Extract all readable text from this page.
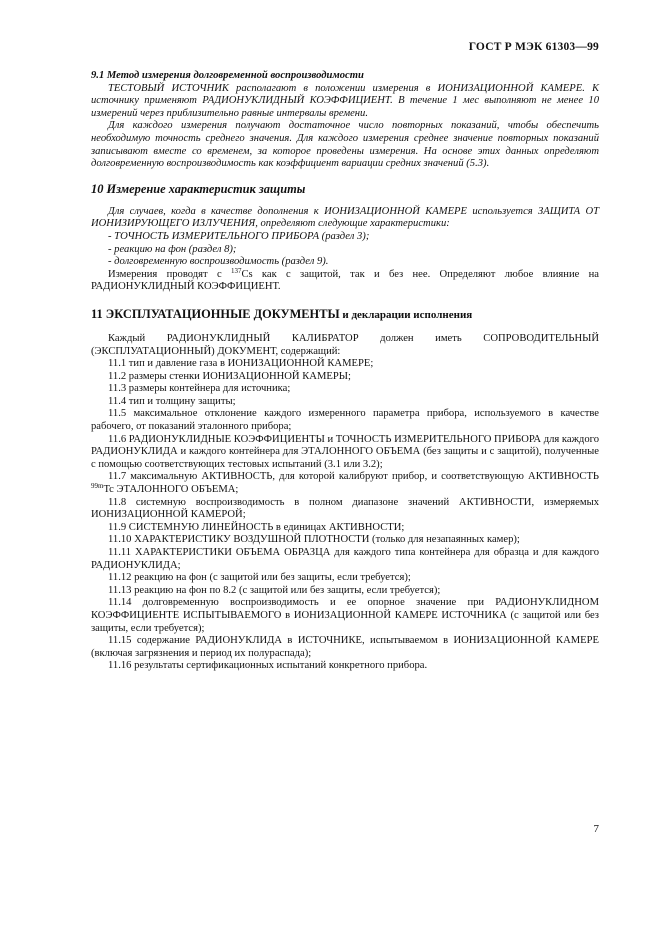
ГОСТ Р МЭК 61303—99

9.1 Метод измерения долговременной воспроизводимости

ТЕСТОВЫЙ ИСТОЧНИК располагают в положении измерения в ИОНИЗАЦИОННОЙ КАМЕРЕ. К источнику применяют РАДИОНУКЛИДНЫЙ КОЭФФИЦИЕНТ. В течение 1 мес выполняют не менее 10 измерений через приблизительно равные интервалы времени.

Для каждого измерения получают достаточное число повторных показаний, чтобы обеспечить необходимую точность среднего значения. Для каждого измерения среднее значение повторных показаний записывают вместе со временем, за которое проведены измерения. На основе этих данных определяют долговременную воспроизводимость как коэффициент вариации средних значений (5.3).

10 Измерение характеристик защиты

Для случаев, когда в качестве дополнения к ИОНИЗАЦИОННОЙ КАМЕРЕ используется ЗАЩИТА ОТ ИОНИЗИРУЮЩЕГО ИЗЛУЧЕНИЯ, определяют следующие характеристики:

- ТОЧНОСТЬ ИЗМЕРИТЕЛЬНОГО ПРИБОРА (раздел 3);

- реакцию на фон (раздел 8);

- долговременную воспроизводимость (раздел 9).

Измерения проводят с $^{137}$Cs как с защитой, так и без нее. Определяют любое влияние на РАДИОНУКЛИДНЫЙ КОЭФФИЦИЕНТ.

11 ЭКСПЛУАТАЦИОННЫЕ ДОКУМЕНТЫ и декларации исполнения

Каждый РАДИОНУКЛИДНЫЙ КАЛИБРАТОР должен иметь СОПРОВОДИТЕЛЬНЫЙ (ЭКСПЛУАТАЦИОННЫЙ) ДОКУМЕНТ, содержащий:

11.1 тип и давление газа в ИОНИЗАЦИОННОЙ КАМЕРЕ;

11.2 размеры стенки ИОНИЗАЦИОННОЙ КАМЕРЫ;

11.3 размеры контейнера для источника;

11.4 тип и толщину защиты;

11.5 максимальное отклонение каждого измеренного параметра прибора, используемого в качестве рабочего, от показаний эталонного прибора;

11.6 РАДИОНУКЛИДНЫЕ КОЭФФИЦИЕНТЫ и ТОЧНОСТЬ ИЗМЕРИТЕЛЬНОГО ПРИБОРА для каждого РАДИОНУКЛИДА и каждого контейнера для ЭТАЛОННОГО ОБЪЕМА (без защиты и с защитой), полученные с помощью соответствующих тестовых испытаний (3.1 или 3.2);

11.7 максимальную АКТИВНОСТЬ, для которой калибруют прибор, и соответствующую АКТИВНОСТЬ $^{99m}$Tc ЭТАЛОННОГО ОБЪЕМА;

11.8 системную воспроизводимость в полном диапазоне значений АКТИВНОСТИ, измеряемых ИОНИЗАЦИОННОЙ КАМЕРОЙ;

11.9 СИСТЕМНУЮ ЛИНЕЙНОСТЬ в единицах АКТИВНОСТИ;

11.10 ХАРАКТЕРИСТИКУ ВОЗДУШНОЙ ПЛОТНОСТИ (только для незапаянных камер);

11.11 ХАРАКТЕРИСТИКИ ОБЪЕМА ОБРАЗЦА для каждого типа контейнера для образца и для каждого РАДИОНУКЛИДА;

11.12 реакцию на фон (с защитой или без защиты, если требуется);

11.13 реакцию на фон по 8.2 (с защитой или без защиты, если требуется);

11.14 долговременную воспроизводимость и ее опорное значение при РАДИОНУКЛИДНОМ КОЭФФИЦИЕНТЕ ИСПЫТЫВАЕМОГО в ИОНИЗАЦИОННОЙ КАМЕРЕ ИСТОЧНИКА (с защитой или без защиты, если требуется);

11.15 содержание РАДИОНУКЛИДА в ИСТОЧНИКЕ, испытываемом в ИОНИЗАЦИОННОЙ КАМЕРЕ (включая загрязнения и период их полураспада);

11.16 результаты сертификационных испытаний конкретного прибора.

7
